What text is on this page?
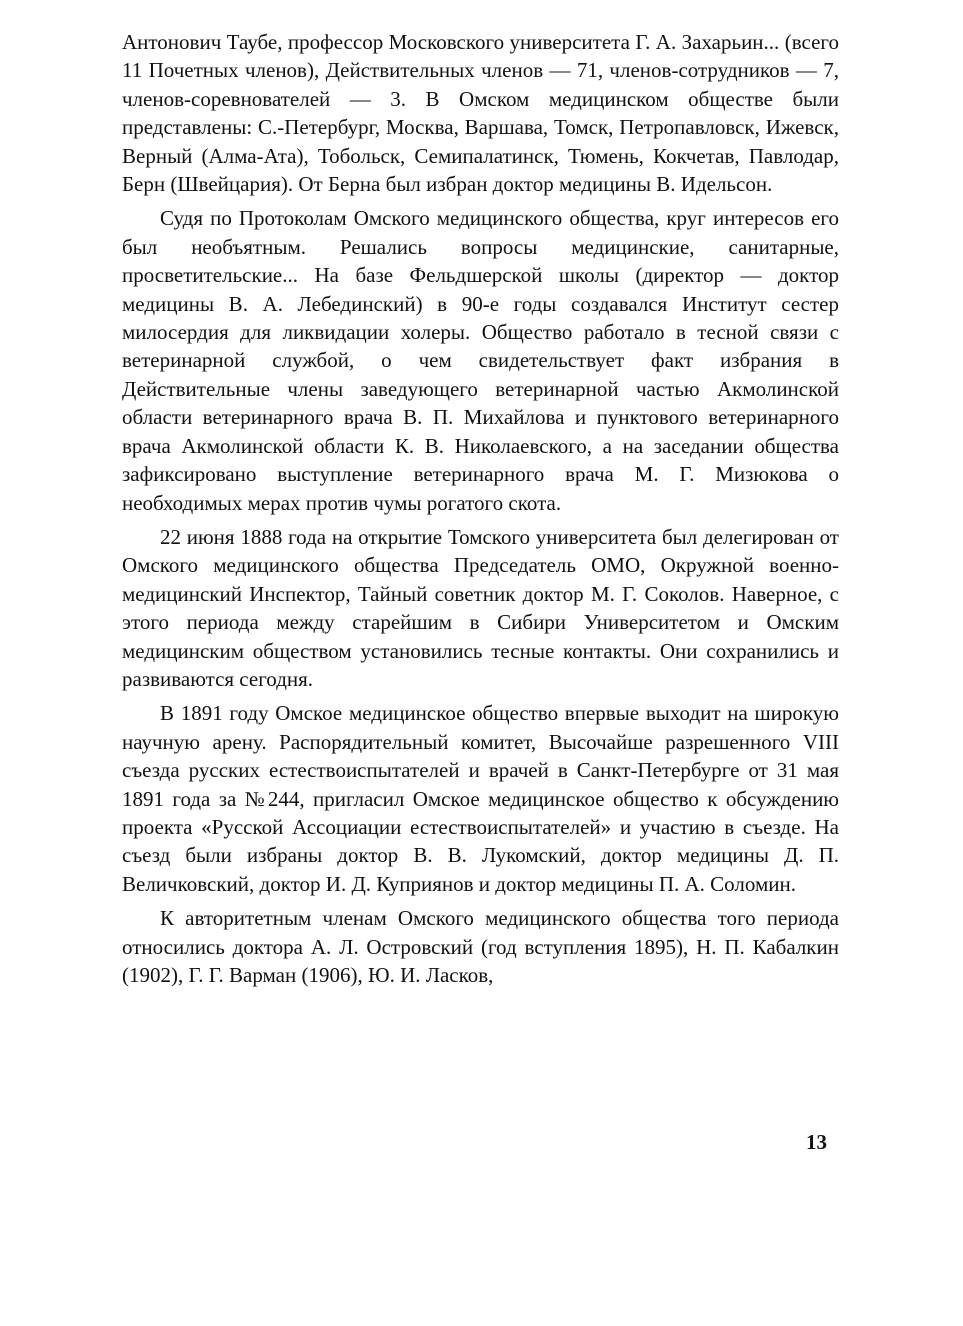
Антонович Таубе, профессор Московского университета Г. А. Захарьин... (всего 11 Почетных членов), Действительных членов — 71, членов-сотрудников — 7, членов-соревнователей — 3. В Омском медицинском обществе были представлены: С.-Петербург, Москва, Варшава, Томск, Петропавловск, Ижевск, Верный (Алма-Ата), Тобольск, Семипалатинск, Тюмень, Кокчетав, Павлодар, Берн (Швейцария). От Берна был избран доктор медицины В. Идельсон.

Судя по Протоколам Омского медицинского общества, круг интересов его был необъятным. Решались вопросы медицинские, санитарные, просветительские... На базе Фельдшерской школы (директор — доктор медицины В. А. Лебединский) в 90-е годы создавался Институт сестер милосердия для ликвидации холеры. Общество работало в тесной связи с ветеринарной службой, о чем свидетельствует факт избрания в Действительные члены заведующего ветеринарной частью Акмолинской области ветеринарного врача В. П. Михайлова и пунктового ветеринарного врача Акмолинской области К. В. Николаевского, а на заседании общества зафиксировано выступление ветеринарного врача М. Г. Мизюкова о необходимых мерах против чумы рогатого скота.

22 июня 1888 года на открытие Томского университета был делегирован от Омского медицинского общества Председатель ОМО, Окружной военно-медицинский Инспектор, Тайный советник доктор М. Г. Соколов. Наверное, с этого периода между старейшим в Сибири Университетом и Омским медицинским обществом установились тесные контакты. Они сохранились и развиваются сегодня.

В 1891 году Омское медицинское общество впервые выходит на широкую научную арену. Распорядительный комитет, Высочайше разрешенного VIII съезда русских естествоиспытателей и врачей в Санкт-Петербурге от 31 мая 1891 года за №244, пригласил Омское медицинское общество к обсуждению проекта «Русской Ассоциации естествоиспытателей» и участию в съезде. На съезд были избраны доктор В. В. Лукомский, доктор медицины Д. П. Величковский, доктор И. Д. Куприянов и доктор медицины П. А. Соломин.

К авторитетным членам Омского медицинского общества того периода относились доктора А. Л. Островский (год вступления 1895), Н. П. Кабалкин (1902), Г. Г. Варман (1906), Ю. И. Ласков,

13
